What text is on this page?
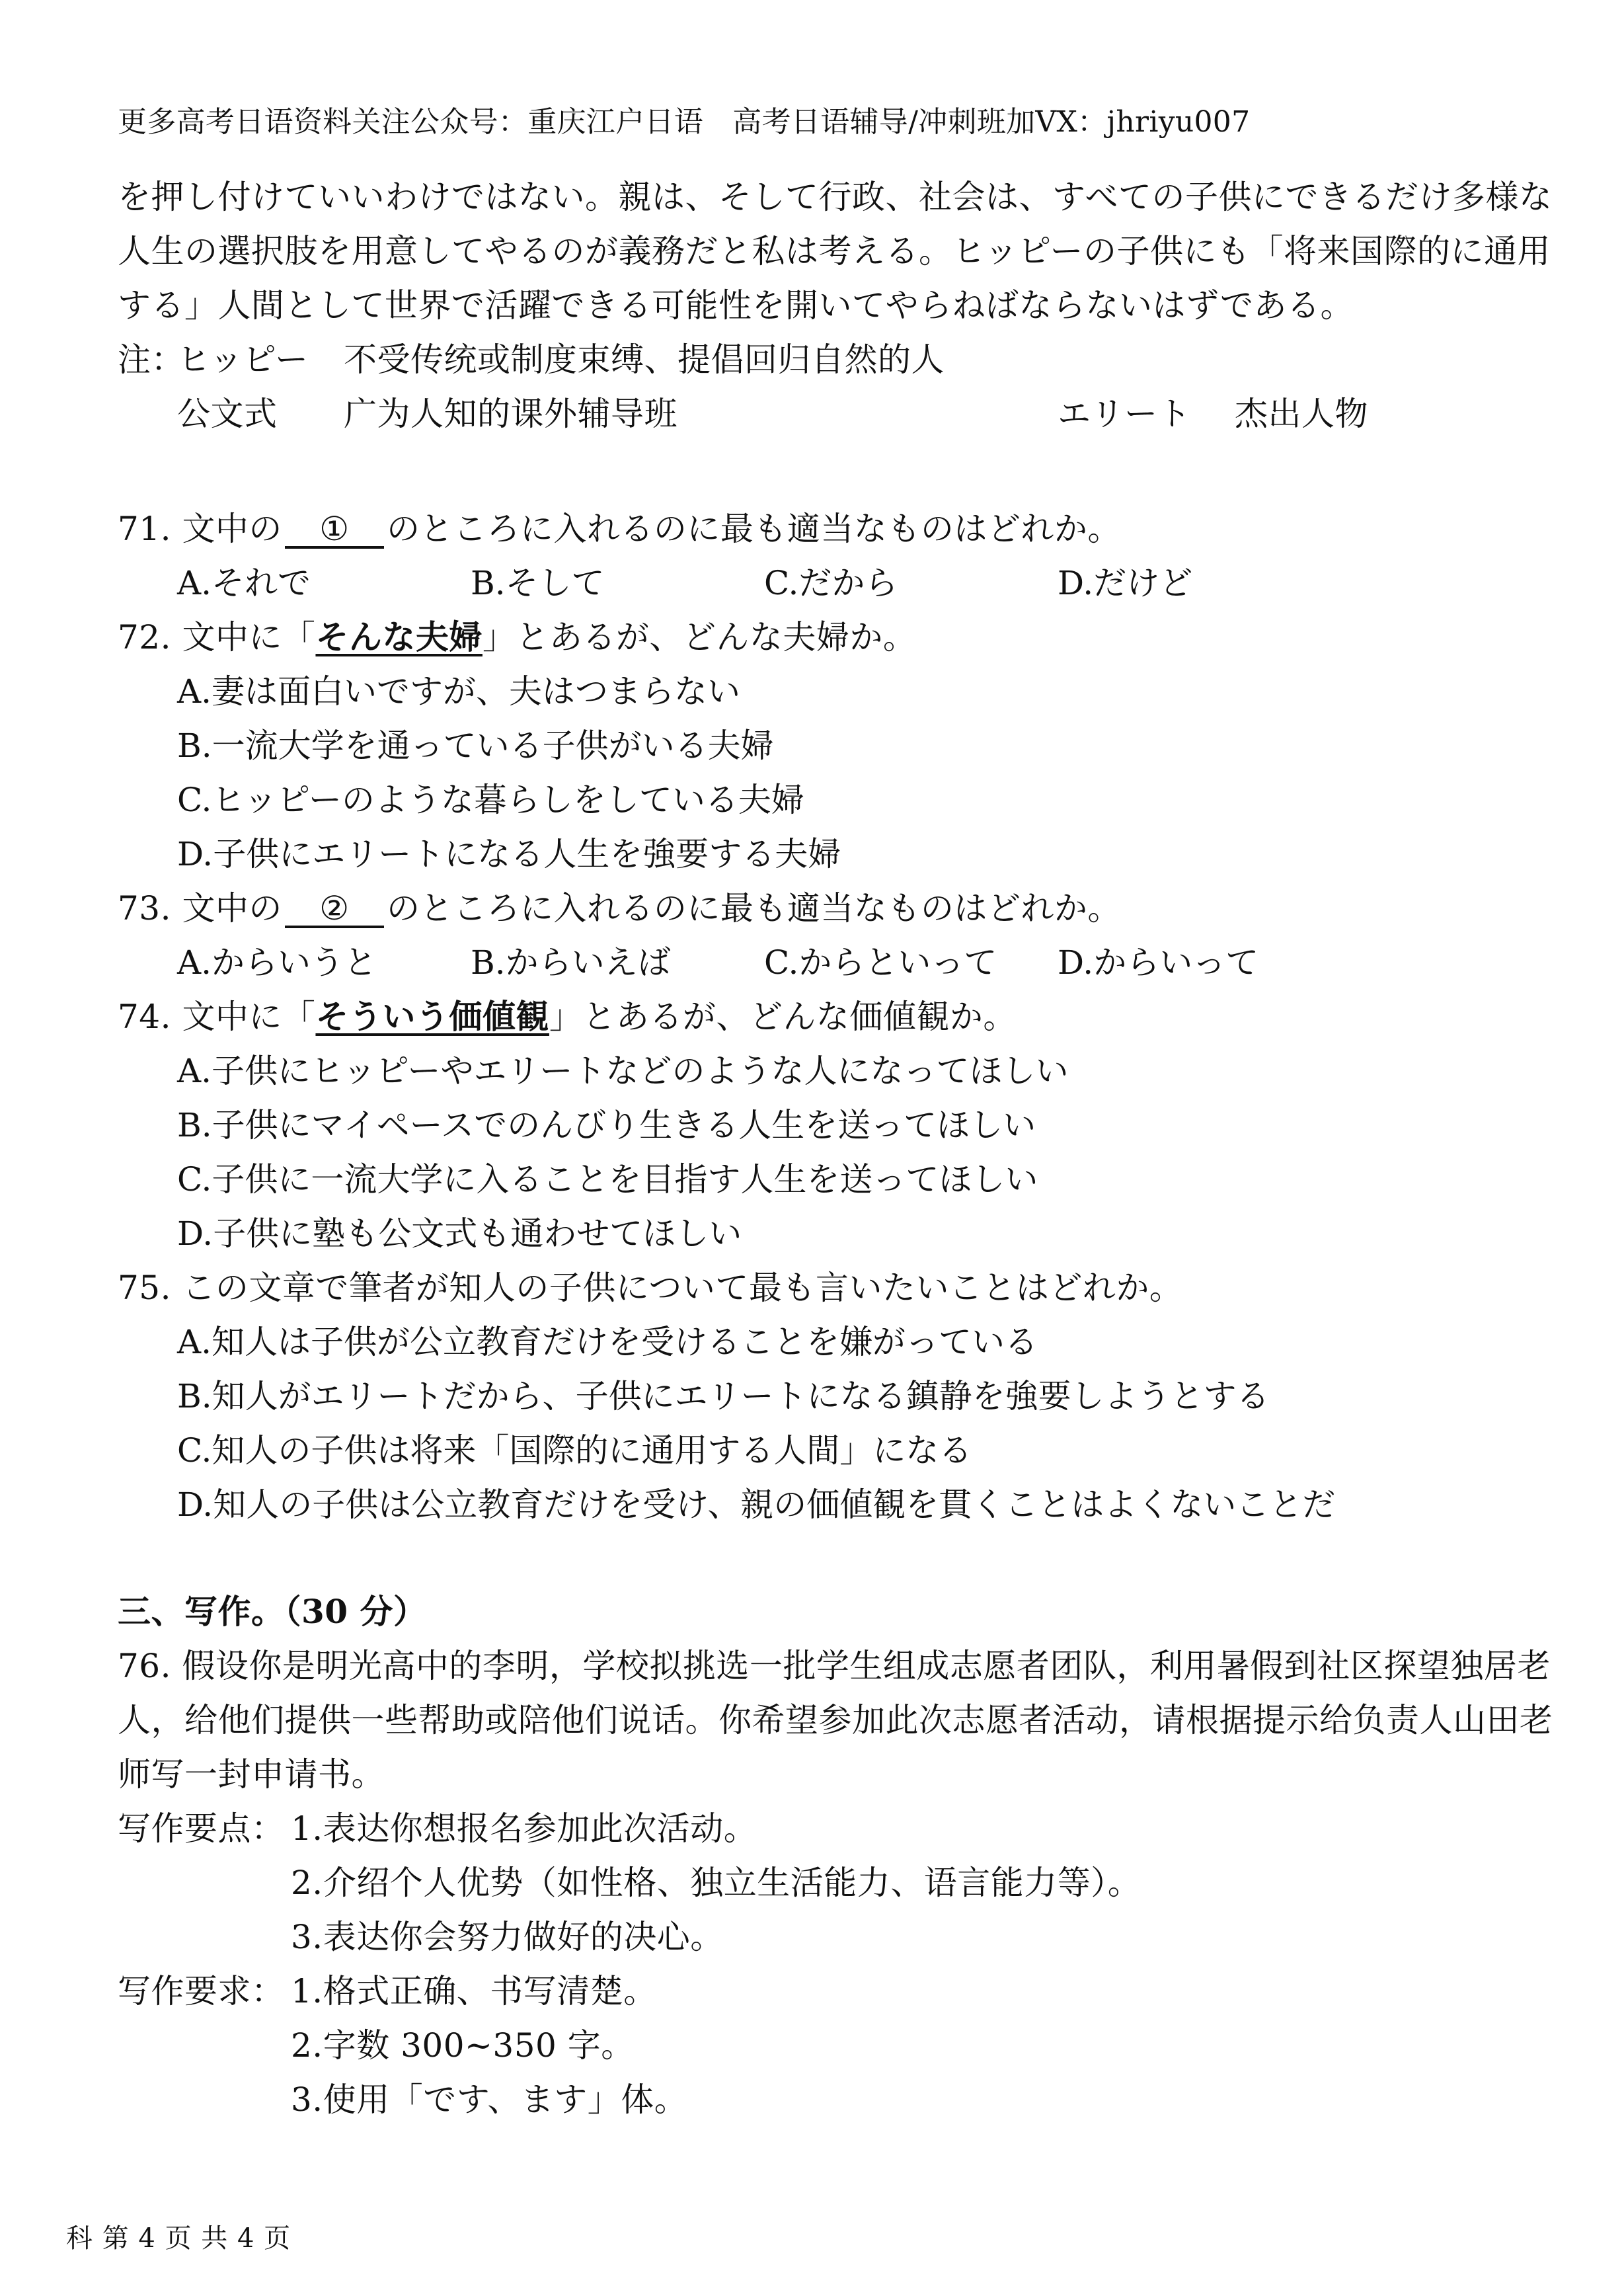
更多高考日语资料关注公众号：重庆江户日语　高考日语辅导/冲刺班加VX：jhriyu007
を押し付けていいわけではない。親は、そして行政、社会は、すべての子供にできるだけ多様な
人生の選択肢を用意してやるのが義務だと私は考える。ヒッピーの子供にも「将来国際的に通用
する」人間として世界で活躍できる可能性を開いてやらねばならないはずである。
注：
ヒッピー 不受传统或制度束缚、提倡回归自然的人
公文式 广为人知的课外辅导班	エリート 杰出人物
71. 文中の ① のところに入れるのに最も適当なものはどれか。
A.それで	B.そして	C.だから	D.だけど
72. 文中に「そんな夫婦」とあるが、どんな夫婦か。
A.妻は面白いですが、夫はつまらない
B.一流大学を通っている子供がいる夫婦
C.ヒッピーのような暮らしをしている夫婦
D.子供にエリートになる人生を強要する夫婦
73. 文中の ② のところに入れるのに最も適当なものはどれか。
A.からいうと	B.からいえば	C.からといって D.からいって
74. 文中に「そういう価値観」とあるが、どんな価値観か。
A.子供にヒッピーやエリートなどのような人になってほしい
B.子供にマイペースでのんびり生きる人生を送ってほしい
C.子供に一流大学に入ることを目指す人生を送ってほしい
D.子供に塾も公文式も通わせてほしい
75. この文章で筆者が知人の子供について最も言いたいことはどれか。
A.知人は子供が公立教育だけを受けることを嫌がっている
B.知人がエリートだから、子供にエリートになる鎮静を強要しようとする
C.知人の子供は将来「国際的に通用する人間」になる
D.知人の子供は公立教育だけを受け、親の価値観を貫くことはよくないことだ
三、写作。（30 分）
76. 假设你是明光高中的李明，学校拟挑选一批学生组成志愿者团队，利用暑假到社区探望独居老
人，给他们提供一些帮助或陪他们说话。你希望参加此次志愿者活动，请根据提示给负责人山田老
师写一封申请书。
写作要点： 1.表达你想报名参加此次活动。
2.介绍个人优势（如性格、独立生活能力、语言能力等）。
3.表达你会努力做好的决心。
写作要求： 1.格式正确、书写清楚。
2.字数 300~350 字。
3.使用「です、ます」体。
科 第 4 页 共 4 页
